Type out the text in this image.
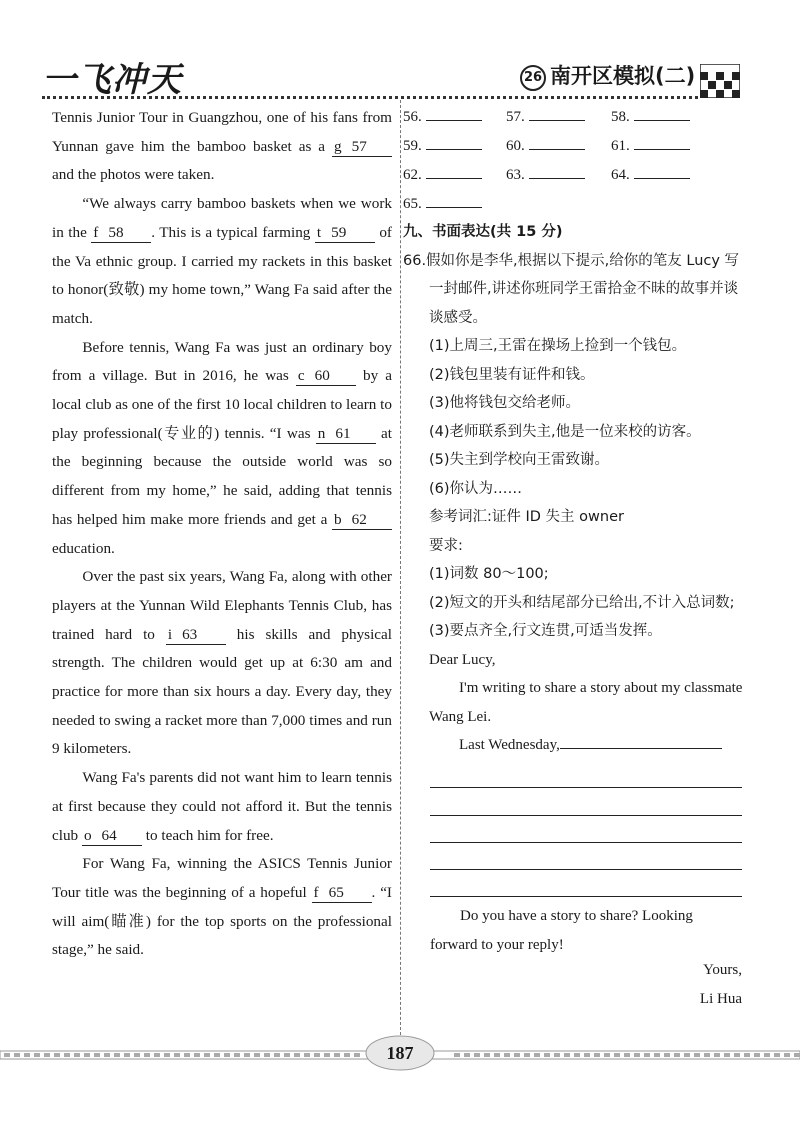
一飞冲天	26 南开区模拟(二)

Tennis Junior Tour in Guangzhou, one of his fans from Yunnan gave him the bamboo basket as a g 57 and the photos were taken.

“We always carry bamboo baskets when we work in the f 58 . This is a typical farming t 59 of the Va ethnic group. I carried my rackets in this basket to honor(致敬) my home town,” Wang Fa said after the match.

Before tennis, Wang Fa was just an ordinary boy from a village. But in 2016, he was c 60 by a local club as one of the first 10 local children to learn to play professional(专业的) tennis. “I was n 61 at the beginning because the outside world was so different from my home,” he said, adding that tennis has helped him make more friends and get a b 62 education.

Over the past six years, Wang Fa, along with other players at the Yunnan Wild Elephants Tennis Club, has trained hard to i 63 his skills and physical strength. The children would get up at 6:30 am and practice for more than six hours a day. Every day, they needed to swing a racket more than 7,000 times and run 9 kilometers.

Wang Fa's parents did not want him to learn tennis at first because they could not afford it. But the tennis club o 64 to teach him for free.

For Wang Fa, winning the ASICS Tennis Junior Tour title was the beginning of a hopeful f 65 . “I will aim(瞄准) for the top sports on the professional stage,” he said.

56.	57.	58.
59.	60.	61.
62.	63.	64.
65.
九、书面表达(共 15 分)
66.假如你是李华,根据以下提示,给你的笔友 Lucy 写一封邮件,讲述你班同学王雷拾金不昧的故事并谈谈感受。
(1)上周三,王雷在操场上捡到一个钱包。
(2)钱包里装有证件和钱。
(3)他将钱包交给老师。
(4)老师联系到失主,他是一位来校的访客。
(5)失主到学校向王雷致谢。
(6)你认为……
参考词汇:证件 ID 失主 owner
要求:
(1)词数 80～100;
(2)短文的开头和结尾部分已给出,不计入总词数;
(3)要点齐全,行文连贯,可适当发挥。
Dear Lucy,
I'm writing to share a story about my classmate Wang Lei.
Last Wednesday,
Do you have a story to share? Looking forward to your reply!
Yours,
Li Hua
187
